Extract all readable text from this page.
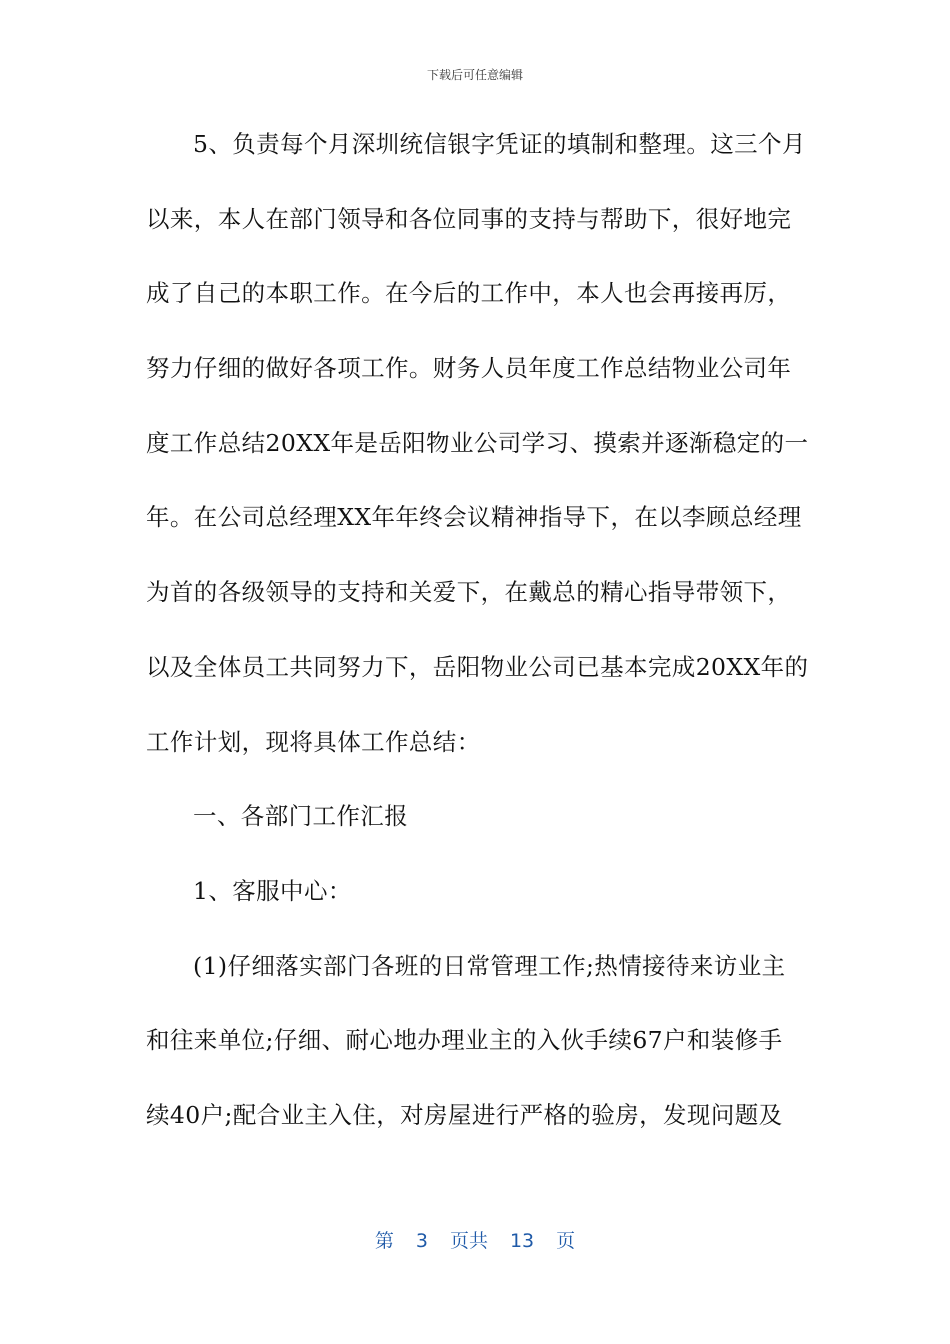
下载后可任意编辑
5、负责每个月深圳统信银字凭证的填制和整理。这三个月
以来，本人在部门领导和各位同事的支持与帮助下，很好地完
成了自己的本职工作。在今后的工作中，本人也会再接再厉，
努力仔细的做好各项工作。财务人员年度工作总结物业公司年
度工作总结20XX年是岳阳物业公司学习、摸索并逐渐稳定的一
年。在公司总经理XX年年终会议精神指导下，在以李顾总经理
为首的各级领导的支持和关爱下，在戴总的精心指导带领下，
以及全体员工共同努力下，岳阳物业公司已基本完成20XX年的
工作计划，现将具体工作总结：
一、各部门工作汇报
1、客服中心：
(1)仔细落实部门各班的日常管理工作;热情接待来访业主
和往来单位;仔细、耐心地办理业主的入伙手续67户和装修手
续40户;配合业主入住，对房屋进行严格的验房，发现问题及
第 3 页共 13 页
